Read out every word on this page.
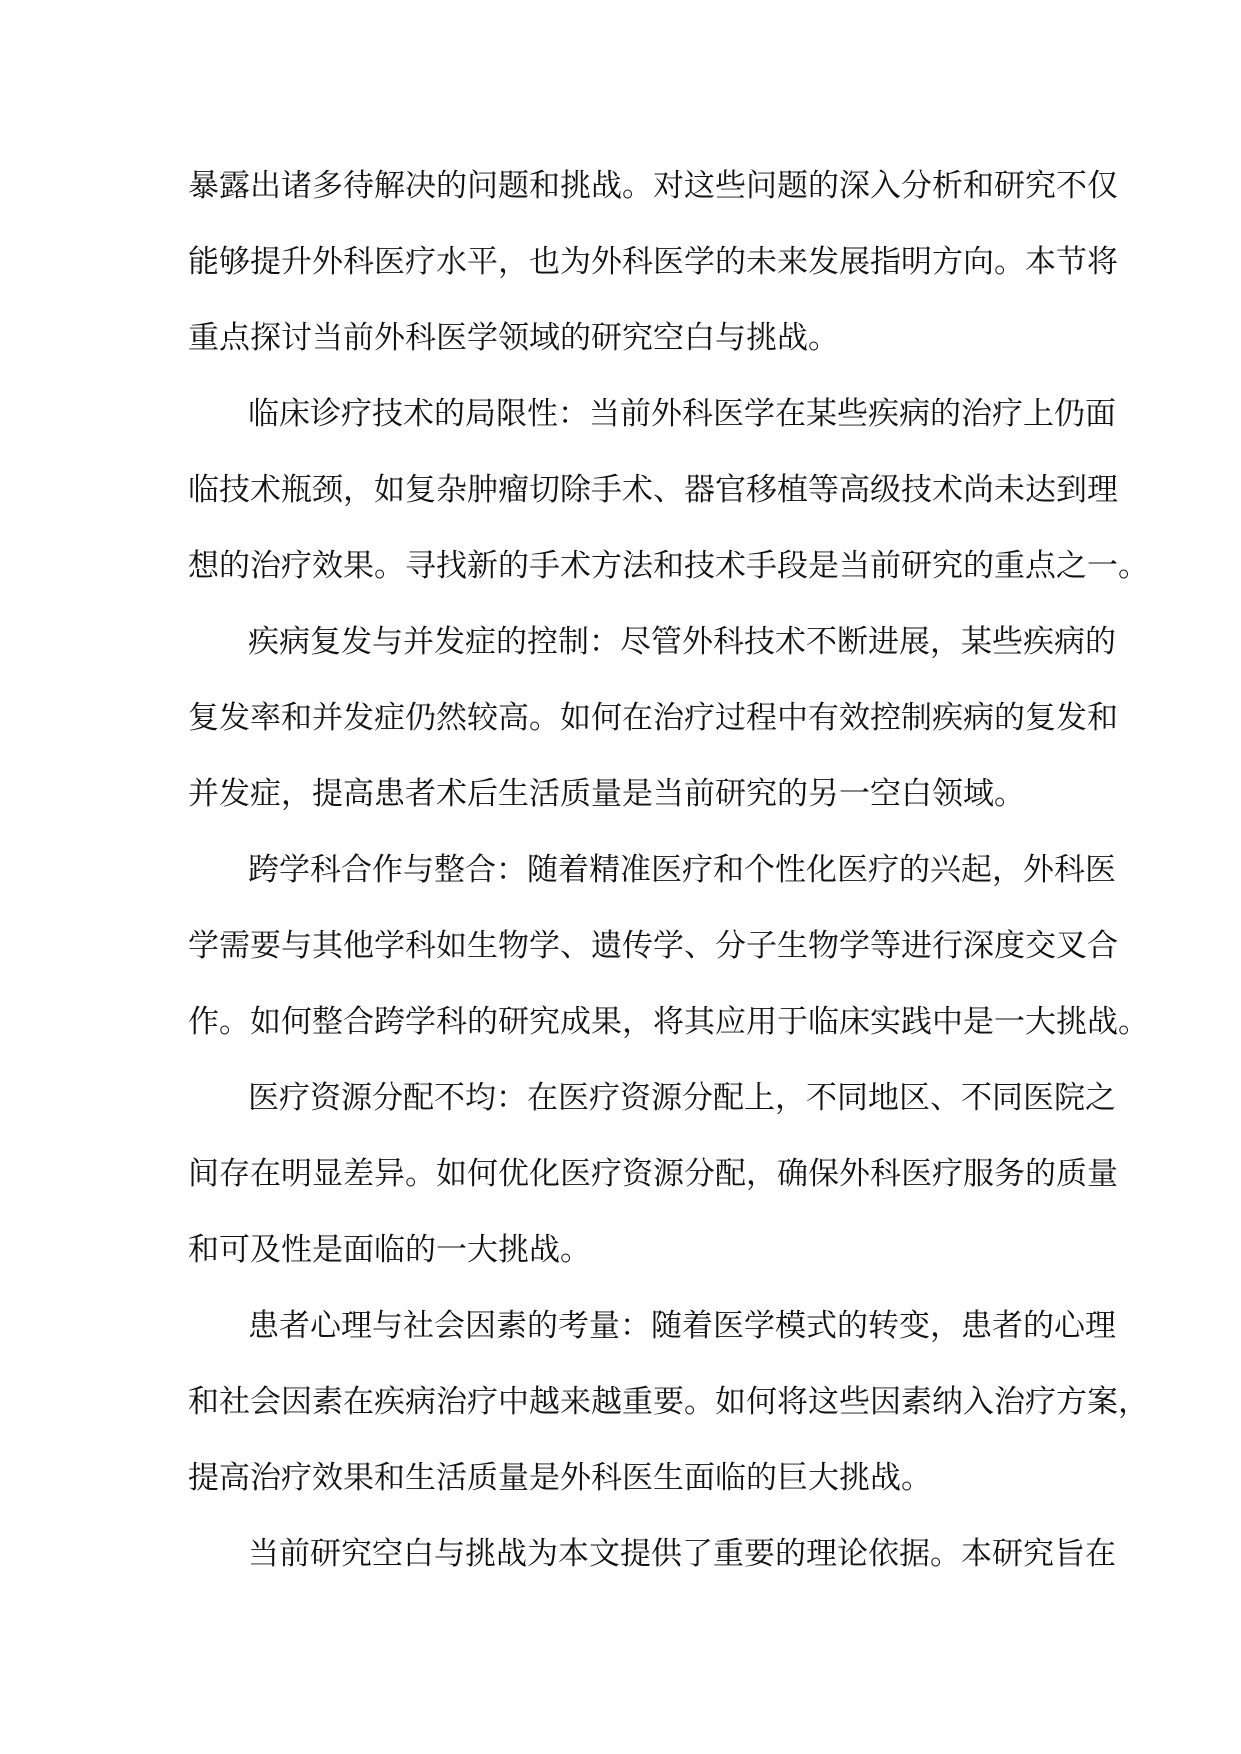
暴露出诸多待解决的问题和挑战。对这些问题的深入分析和研究不仅
能够提升外科医疗水平，也为外科医学的未来发展指明方向。本节将
重点探讨当前外科医学领域的研究空白与挑战。
临床诊疗技术的局限性：当前外科医学在某些疾病的治疗上仍面
临技术瓶颈，如复杂肿瘤切除手术、器官移植等高级技术尚未达到理
想的治疗效果。寻找新的手术方法和技术手段是当前研究的重点之一。
疾病复发与并发症的控制：尽管外科技术不断进展，某些疾病的
复发率和并发症仍然较高。如何在治疗过程中有效控制疾病的复发和
并发症，提高患者术后生活质量是当前研究的另一空白领域。
跨学科合作与整合：随着精准医疗和个性化医疗的兴起，外科医
学需要与其他学科如生物学、遗传学、分子生物学等进行深度交叉合
作。如何整合跨学科的研究成果，将其应用于临床实践中是一大挑战。
医疗资源分配不均：在医疗资源分配上，不同地区、不同医院之
间存在明显差异。如何优化医疗资源分配，确保外科医疗服务的质量
和可及性是面临的一大挑战。
患者心理与社会因素的考量：随着医学模式的转变，患者的心理
和社会因素在疾病治疗中越来越重要。如何将这些因素纳入治疗方案，
提高治疗效果和生活质量是外科医生面临的巨大挑战。
当前研究空白与挑战为本文提供了重要的理论依据。本研究旨在
